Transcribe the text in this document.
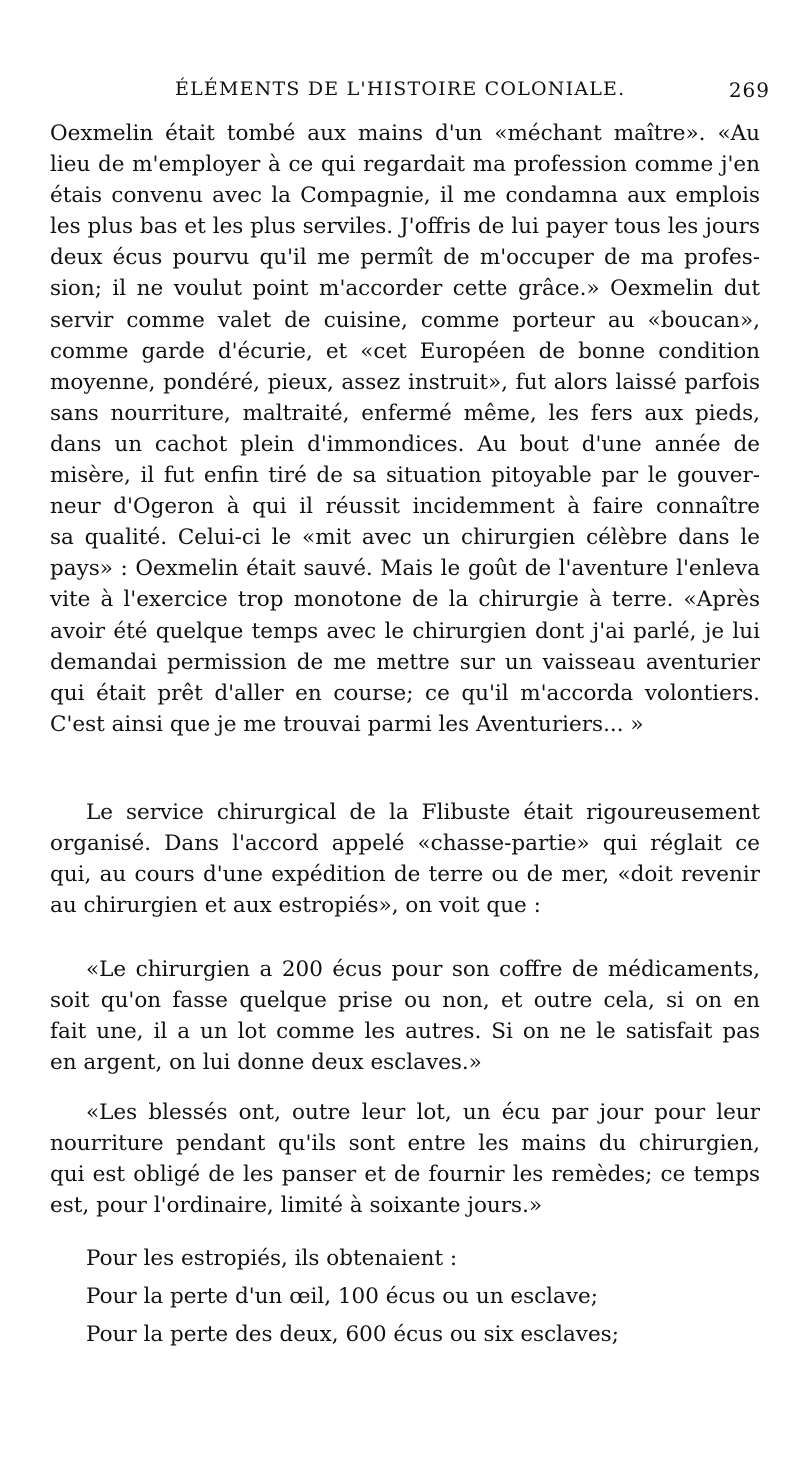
ÉLÉMENTS DE L'HISTOIRE COLONIALE.	269
Oexmelin était tombé aux mains d'un «méchant maître». «Au
lieu de m'employer à ce qui regardait ma profession comme j'en
étais convenu avec la Compagnie, il me condamna aux emplois
les plus bas et les plus serviles. J'offris de lui payer tous les jours
deux écus pourvu qu'il me permît de m'occuper de ma profes-
sion; il ne voulut point m'accorder cette grâce.» Oexmelin dut
servir comme valet de cuisine, comme porteur au «boucan»,
comme garde d'écurie, et «cet Européen de bonne condition
moyenne, pondéré, pieux, assez instruit», fut alors laissé parfois
sans nourriture, maltraité, enfermé même, les fers aux pieds,
dans un cachot plein d'immondices. Au bout d'une année de
misère, il fut enfin tiré de sa situation pitoyable par le gouver-
neur d'Ogeron à qui il réussit incidemment à faire connaître
sa qualité. Celui-ci le «mit avec un chirurgien célèbre dans le
pays» : Oexmelin était sauvé. Mais le goût de l'aventure l'enleva
vite à l'exercice trop monotone de la chirurgie à terre. «Après
avoir été quelque temps avec le chirurgien dont j'ai parlé, je lui
demandai permission de me mettre sur un vaisseau aventurier
qui était prêt d'aller en course; ce qu'il m'accorda volontiers.
C'est ainsi que je me trouvai parmi les Aventuriers... »
Le service chirurgical de la Flibuste était rigoureusement
organisé. Dans l'accord appelé «chasse-partie» qui réglait ce
qui, au cours d'une expédition de terre ou de mer, «doit revenir
au chirurgien et aux estropiés», on voit que :
«Le chirurgien a 200 écus pour son coffre de médicaments,
soit qu'on fasse quelque prise ou non, et outre cela, si on en
fait une, il a un lot comme les autres. Si on ne le satisfait pas
en argent, on lui donne deux esclaves.»
«Les blessés ont, outre leur lot, un écu par jour pour leur
nourriture pendant qu'ils sont entre les mains du chirurgien,
qui est obligé de les panser et de fournir les remèdes; ce temps
est, pour l'ordinaire, limité à soixante jours.»
Pour les estropiés, ils obtenaient :
Pour la perte d'un œil, 100 écus ou un esclave;
Pour la perte des deux, 600 écus ou six esclaves;
